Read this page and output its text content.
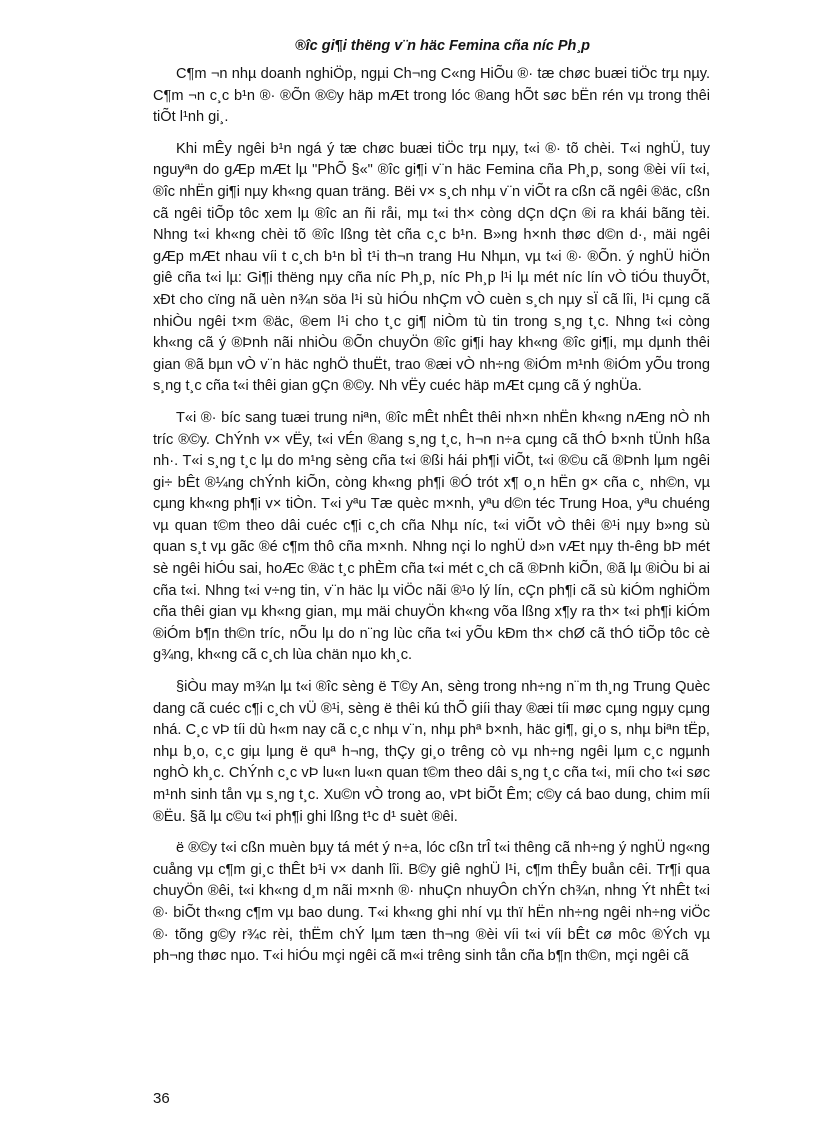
®îc gi¶i thëng v¨n häc Femina cña níc Ph¸p

C¶m ¬n nhµ doanh nghiÖp, ngµi Ch¬ng C«ng HiÕu ®· tæ chøc buæi tiÖc trµ nµy. C¶m ¬n c¸c b¹n ®· ®Õn ®©y häp mÆt trong lóc ®ang hÕt søc bËn rén vµ trong thêi tiÕt l¹nh gi¸.

Khi mÊy ngêi b¹n ngá ý tæ chøc buæi tiÖc trµ nµy, t«i ®· tõ chèi. T«i nghÜ, tuy nguyªn do gÆp mÆt lµ "PhÕ §«" ®îc gi¶i v¨n häc Femina cña Ph¸p, song ®èi víi t«i, ®îc nhËn gi¶i nµy kh«ng quan träng. Bëi v× s¸ch nhµ v¨n viÕt ra cßn cã ngêi ®äc, cßn cã ngêi tiÕp tôc xem lµ ®îc an ñi råi, mµ t«i th× còng dÇn dÇn ®i ra khái bãng tèi. Nhng t«i kh«ng chèi tõ ®îc lßng tèt cña c¸c b¹n. B»ng h×nh thøc d©n d·, mäi ngêi gÆp mÆt nhau víi t c¸ch b¹n bÌ t¹i th¬n trang Hu Nhµn, vµ t«i ®· ®Õn. ý nghÜ hiÖn giê cña t«i lµ: Gi¶i thëng nµy cña níc Ph¸p, níc Ph¸p l¹i lµ mét níc lín vÒ tiÓu thuyÕt, xÐt cho cïng nã uèn n¾n söa l¹i sù hiÓu nhÇm vÒ cuèn s¸ch nµy sÏ cã lîi, l¹i cµng cã nhiÒu ngêi t×m ®äc, ®em l¹i cho t¸c gi¶ niÒm tù tin trong s¸ng t¸c. Nhng t«i còng kh«ng cã ý ®Þnh nãi nhiÒu ®Õn chuyÖn ®îc gi¶i hay kh«ng ®îc gi¶i, mµ dµnh thêi gian ®ã bµn vÒ v¨n häc nghÖ thuËt, trao ®æi vÒ nh÷ng ®iÓm m¹nh ®iÓm yÕu trong s¸ng t¸c cña t«i thêi gian gÇn ®©y. Nh vËy cuéc häp mÆt cµng cã ý nghÜa.

T«i ®· bíc sang tuæi trung niªn, ®îc mÊt nhÊt thêi nh×n nhËn kh«ng nÆng nÒ nh tríc ®©y. ChÝnh v× vËy, t«i vÉn ®ang s¸ng t¸c, h¬n n÷a cµng cã thÓ b×nh tÜnh hßa nh·. T«i s¸ng t¸c lµ do m¹ng sèng cña t«i ®ßi hái ph¶i viÕt, t«i ®©u cã ®Þnh lµm ngêi gi÷ bÊt ®¼ng chÝnh kiÕn, còng kh«ng ph¶i ®Ó trót x¶ o¸n hËn g× cña c¸ nh©n, vµ cµng kh«ng ph¶i v× tiÒn. T«i yªu Tæ quèc m×nh, yªu d©n téc Trung Hoa, yªu chuéng vµ quan t©m theo dâi cuéc c¶i c¸ch cña Nhµ níc, t«i viÕt vÒ thêi ®¹i nµy b»ng sù quan s¸t vµ gãc ®é c¶m thô cña m×nh. Nhng nçi lo nghÜ d»n vÆt nµy th-êng bÞ mét sè ngêi hiÓu sai, hoÆc ®äc t¸c phÈm cña t«i mét c¸ch cã ®Þnh kiÕn, ®ã lµ ®iÒu bi ai cña t«i. Nhng t«i v÷ng tin, v¨n häc lµ viÖc nãi ®¹o lý lín, cÇn ph¶i cã sù kiÓm nghiÖm cña thêi gian vµ kh«ng gian, mµ mäi chuyÖn kh«ng võa lßng x¶y ra th× t«i ph¶i kiÓm ®iÓm b¶n th©n tríc, nÕu lµ do n¨ng lùc cña t«i yÕu kÐm th× chØ cã thÓ tiÕp tôc cè g¾ng, kh«ng cã c¸ch lùa chän nµo kh¸c.

§iÒu may m¾n lµ t«i ®îc sèng ë T©y An, sèng trong nh÷ng n¨m th¸ng Trung Quèc dang cã cuéc c¶i c¸ch vÜ ®¹i, sèng ë thêi kú thÕ giíi thay ®æi tíi møc cµng ngµy cµng nhá. C¸c vÞ tíi dù h«m nay cã c¸c nhµ v¨n, nhµ phª b×nh, häc gi¶, gi¸o s, nhµ biªn tËp, nhµ b¸o, c¸c giµ lµng ë quª h¬ng, thÇy gi¸o trêng cò vµ nh÷ng ngêi lµm c¸c ngµnh nghÒ kh¸c. ChÝnh c¸c vÞ lu«n lu«n quan t©m theo dâi s¸ng t¸c cña t«i, míi cho t«i søc m¹nh sinh tån vµ s¸ng t¸c. Xu©n vÒ trong ao, vÞt biÕt Êm; c©y cá bao dung, chim míi ®Ëu. §ã lµ c©u t«i ph¶i ghi lßng t¹c d¹ suèt ®êi.

ë ®©y t«i cßn muèn bµy tá mét ý n÷a, lóc cßn trÎ t«i thêng cã nh÷ng ý nghÜ ng«ng cuång vµ c¶m gi¸c thÊt b¹i v× danh lîi. B©y giê nghÜ l¹i, c¶m thÊy buån cêi. Tr¶i qua chuyÖn ®êi, t«i kh«ng d¸m nãi m×nh ®· nhuÇn nhuyÔn chÝn ch¾n, nhng Ýt nhÊt t«i ®· biÕt th«ng c¶m vµ bao dung. T«i kh«ng ghi nhí vµ thï hËn nh÷ng ngêi nh÷ng viÖc ®· tõng g©y r¾c rèi, thËm chÝ lµm tæn th¬ng ®èi víi t«i víi bÊt cø môc ®Ých vµ ph¬ng thøc nµo. T«i hiÓu mçi ngêi cã m«i trêng sinh tån cña b¶n th©n, mçi ngêi cã

36
